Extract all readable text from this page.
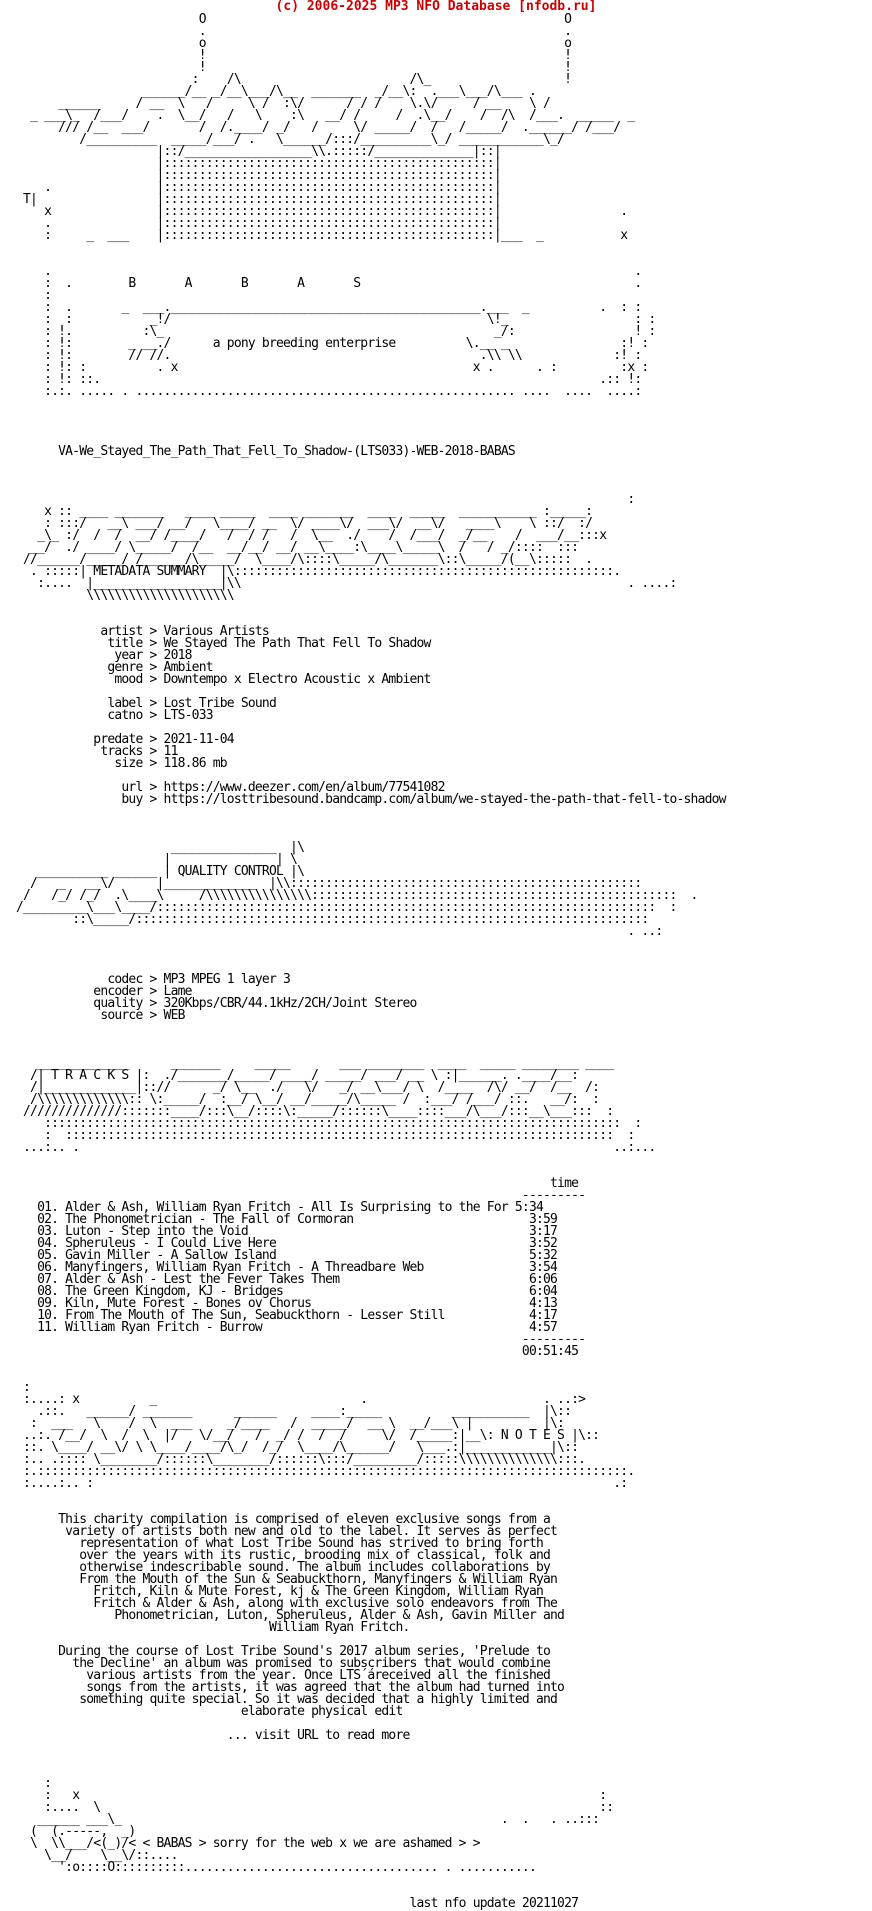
(c) 2006-2025 MP3 NFO Database [nfodb.ru]
O                                                   O
.                                                   .
o                                                   o
!                                                   !
!                                                   !
:    /\                        /\_                   !
______/__ _/__\___/\__  _______  _/__\:  .___\___/\___ .
______     / __  \   /     \ /  :\/      / / /    \.\/     / __    \ /
_ ___\_  /___/    .  \__/   /   \    :\   __/ /     /  .\__/    /  /\  /___.  _____  _
/// /__  ___/       /  /.____/ _/   /     \/ _____/  /   /_____/  .______/ /___/
/__________  _____/___/ .   \______/:::/__________\_/ ____________\_/
|::/__________________\\.:::::/______________|::|
|:::::::::::::::::::::::::::::::::::::::::::::::|
|:::::::::::::::::::::::::::::::::::::::::::::::|
.               |:::::::::::::::::::::::::::::::::::::::::::::::|
T|                 |:::::::::::::::::::::::::::::::::::::::::::::::|
x               |:::::::::::::::::::::::::::::::::::::::::::::::|                 .
.               |:::::::::::::::::::::::::::::::::::::::::::::::|
:     _  ___    |:::::::::::::::::::::::::::::::::::::::::::::::|___  _           x

.                                                                                   .
:  .        B       A       B       A       S                                       .
:
:  .       _  ___.____________________________________________.___  _          .  : :
:  :           _!/                                             \!_                  : :
: !.          :\_                                               _/:                 ! :
: !:        _ __./      a pony breeding enterprise          \.__ _                :! :
: !:        // //.                                            .\\ \\             :! :
: !: :          . x                                          x .      . :         :x :
: !: ::.                                                                       .:: !:
:.:. ..... . ...................................................... ....  ....  ....:

VA-We_Stayed_The_Path_That_Fell_To_Shadow-(LTS033)-WEB-2018-BABAS

:
x :: ____ _______   ____ _____  ____ _______  ____  _____  ___________ :_____:
: :::/   __\ ___/ __/   \____/ __  \/ ____\/  ___\/  __\/   ____\    \ ::/  :/
_\_ :/  /  /  __/ /____/   /  / /   /  \__  ./    /  /___/  _/__    /  ___/__:::x
__/  ./ ____/ \_____/  /__  __/__/ __/ __\____:\____\_____\  /   / _/::::  :::
//______/_____/ /______/\_____/  \____/\::::\_____/\_______\::\_____/(__\:::::  .
. :::::| METADATA SUMMARY  |\::::::::::::::::::::::::::::::::::::::::::::::::::::::.
:....  |__________________|\\                                                       . ....:
\\\\\\\\\\\\\\\\\\\\\

artist > Various Artists
title > We Stayed The Path That Fell To Shadow
year > 2018
genre > Ambient
mood > Downtempo x Electro Acoustic x Ambient

label > Lost Tribe Sound
catno > LTS-033

predate > 2021-11-04
tracks > 11
size > 118.86 mb

url > https://www.deezer.com/en/album/77541082
buy > https://losttribesound.bandcamp.com/album/we-stayed-the-path-that-fell-to-shadow

_______________  |\
|               | \
__________ ______ | QUALITY CONTROL |\
/   _   __\/      |_____________  |\\::::::::::::::::::::::::::::::::::::::::::::::::::
/   /_/ /_/  .\____\     /\\\\\\\\\\\\\\\::::::::::::::::::::::::::::::::::::::::::::::::::::  .
/_________\___\____/:::::::::::::::::::::::::::::::::::::::::::::::::::::::::::::::::::::::  :
::\_____/:::::::::::::::::::::::::::::::::::::::::::::::::::::::::::::::::::::::::
. ..:

codec > MP3 MPEG 1 layer 3
encoder > Lame
quality > 320Kbps/CBR/44.1kHz/2CH/Joint Stereo
source > WEB

_____________      _______     _____       ___ ________  ____  _____ ________ ____
/| T R A C K S |:  ./_______/_____/ ____/ _____/ ___/ __ \ :|______. .____/__:
/|_____________|:://      _/ \__  ./   \/   _/ __\___/ \  /____  /\/ __/  /__  /:
/\\\\\\\\\\\\\:: \:_____/  :__/ \__/ __/_____/\_____ /  :___/ /___/ ::.   __/:  :
//////////////:::::::____/:::\__/::::\:_____/::::::\____::::___/\___/:::__\___:::  :
::::::::::::::::::::::::::::::::::::::::::::::::::::::::::::::::::::::::::::::::::  :
:  ::::::::::::::::::::::::::::::::::::::::::::::::::::::::::::::::::::::::::::::  :
...:.. .                                                                            ..:...

time
---------
01. Alder & Ash, William Ryan Fritch - All Is Surprising to the For 5:34
02. The Phonometrician - The Fall of Cormoran                         3:59
03. Luton - Step into the Void                                        3:17
04. Spheruleus - I Could Live Here                                    3:52
05. Gavin Miller - A Sallow Island                                    5:32
06. Manyfingers, William Ryan Fritch - A Threadbare Web               3:54
07. Alder & Ash - Lest the Fever Takes Them                           6:06
08. The Green Kingdom, KJ - Bridges                                   6:04
09. Kiln, Mute Forest - Bones ov Chorus                               4:13
10. From The Mouth of The Sun, Seabuckthorn - Lesser Still            4:17
11. William Ryan Fritch - Burrow                                      4:57
---------
00:51:45

:
:....: x          _                             .                         . ..:>
.::.   ______/ _______      ______     ____:_____          ___________  |\::
:  ___   \    /  \  ___     _/____   /  _____/  __ \  __/___\ |          |\:
..:. /__/  \  /  \  |/   \/__/   /  _/ /  /  /     \/  /_____:|__\: N O T E S |\::
::. \____/ __\/ \ \____/____/\_/  /_/  \____/\______/   \___.:|____________|\::
:.. .:::: \________/::::::\________/::::::\:::/_________/:::::\\\\\\\\\\\\\\:::.
:.::::::::::::::::::::::::::::::::::::::::::::::::::::::::::::::::::::::::::::::::::::.
:....:.. :                                                                          .:

This charity compilation is comprised of eleven exclusive songs from a
variety of artists both new and old to the label. It serves as perfect
representation of what Lost Tribe Sound has strived to bring forth
over the years with its rustic, brooding mix of classical, folk and
otherwise indescribable sound. The album includes collaborations by
From the Mouth of the Sun & Seabuckthorn, Manyfingers & William Ryan
Fritch, Kiln & Mute Forest, kj & The Green Kingdom, William Ryan
Fritch & Alder & Ash, along with exclusive solo endeavors from The
Phonometrician, Luton, Spheruleus, Alder & Ash, Gavin Miller and
William Ryan Fritch.

During the course of Lost Tribe Sound's 2017 album series, 'Prelude to
the Decline' an album was promised to subscribers that would combine
various artists from the year. Once LTS´áreceived all the finished
songs from the artists, it was agreed that the album had turned into
something quite special. So it was decided that a highly limited and
elaborate physical edit

... visit URL to read more

:
:   x                                                                          :
:....  \                                                                       ::
______ ___\_                                                      .  .   . ..:::
(  (.-----,  _)
\  \\___/<(_)/< < BABAS > sorry for the web x we are ashamed > >
\__/    \__\/::....
':o::::O::::::::::.................................... . ...........

last nfo update 20211027
